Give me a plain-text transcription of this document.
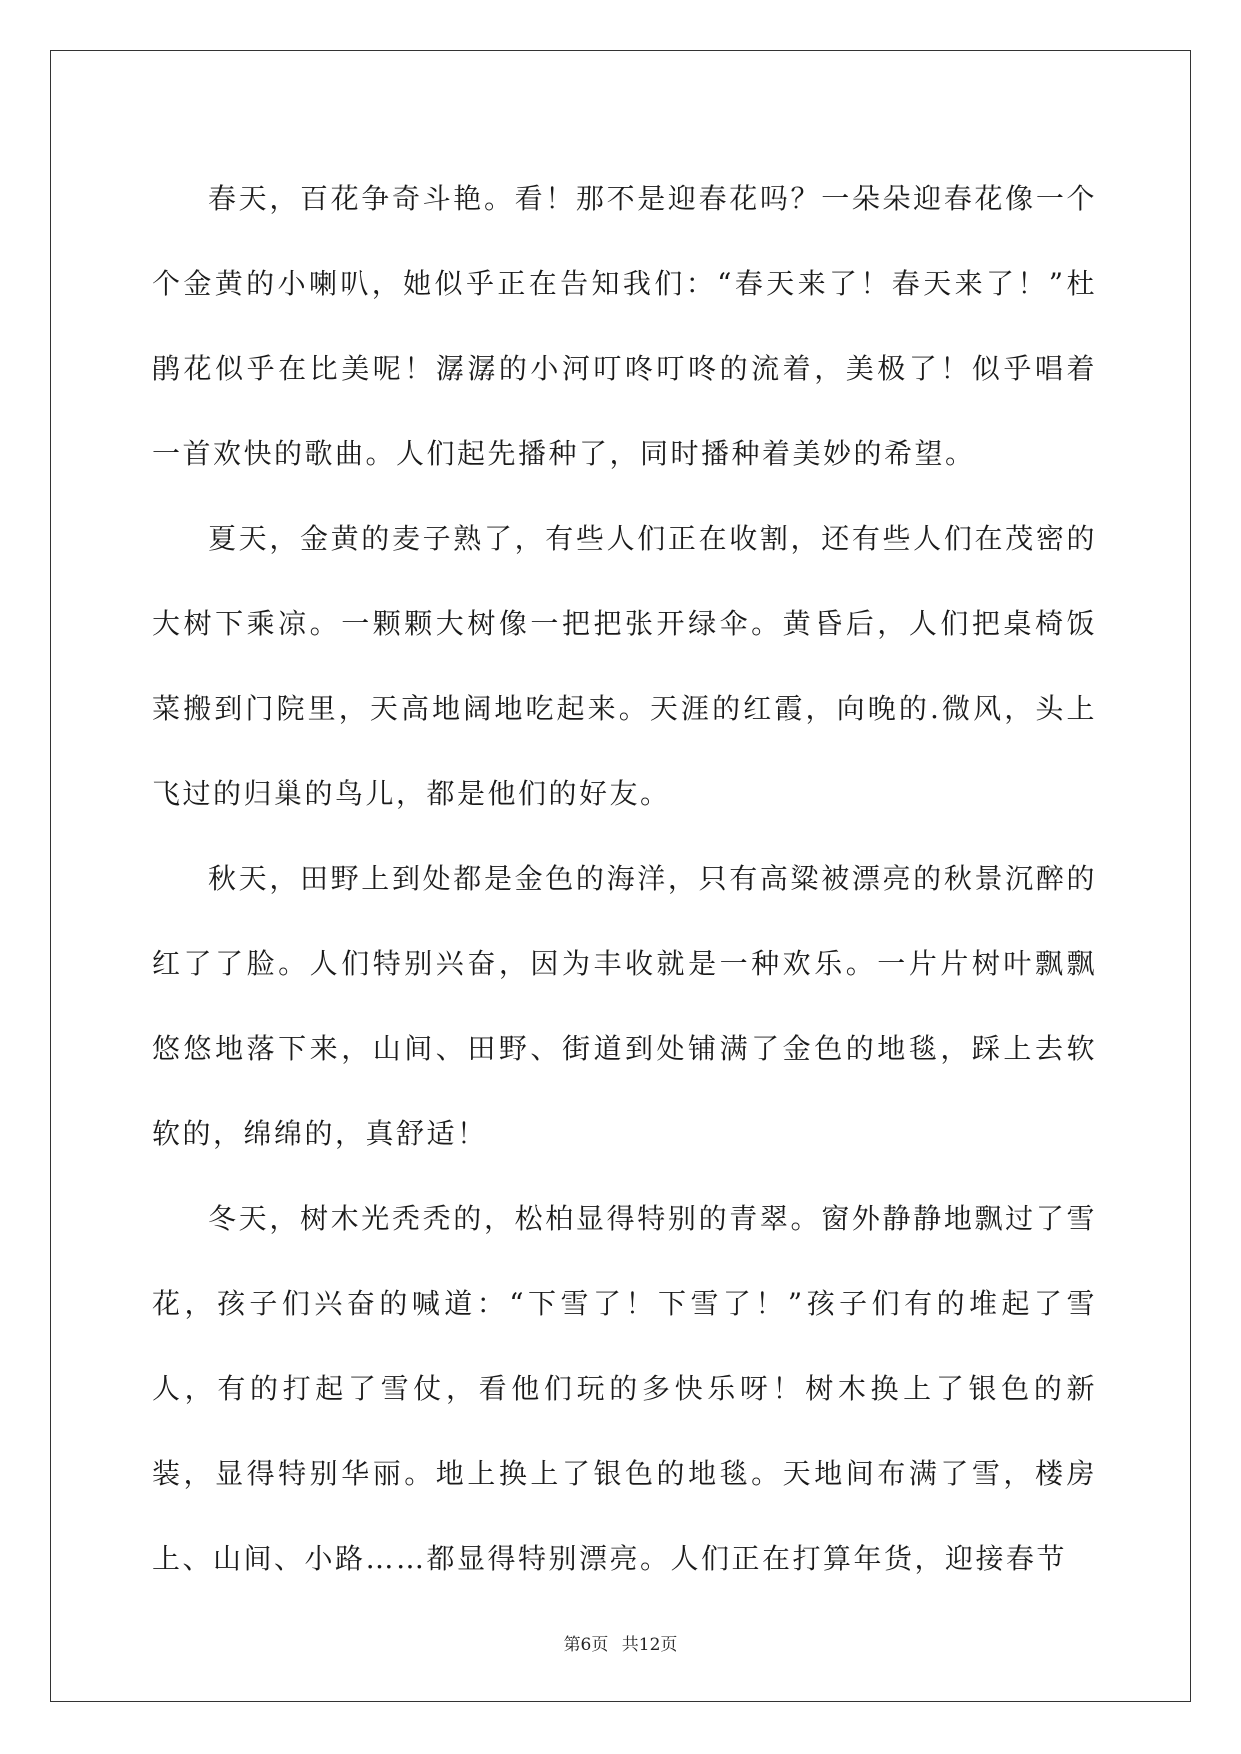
春天，百花争奇斗艳。看！那不是迎春花吗？一朵朵迎春花像一个个金黄的小喇叭，她似乎正在告知我们：“春天来了！春天来了！”杜鹃花似乎在比美呢！潺潺的小河叮咚叮咚的流着，美极了！似乎唱着一首欢快的歌曲。人们起先播种了，同时播种着美妙的希望。

夏天，金黄的麦子熟了，有些人们正在收割，还有些人们在茂密的大树下乘凉。一颗颗大树像一把把张开绿伞。黄昏后，人们把桌椅饭菜搬到门院里，天高地阔地吃起来。天涯的红霞，向晚的.微风，头上飞过的归巢的鸟儿，都是他们的好友。

秋天，田野上到处都是金色的海洋，只有高粱被漂亮的秋景沉醉的红了了脸。人们特别兴奋，因为丰收就是一种欢乐。一片片树叶飘飘悠悠地落下来，山间、田野、街道到处铺满了金色的地毯，踩上去软软的，绵绵的，真舒适！

冬天，树木光秃秃的，松柏显得特别的青翠。窗外静静地飘过了雪花，孩子们兴奋的喊道：“下雪了！下雪了！”孩子们有的堆起了雪人，有的打起了雪仗，看他们玩的多快乐呀！树木换上了银色的新装，显得特别华丽。地上换上了银色的地毯。天地间布满了雪，楼房上、山间、小路……都显得特别漂亮。人们正在打算年货，迎接春节

第6页 共12页
